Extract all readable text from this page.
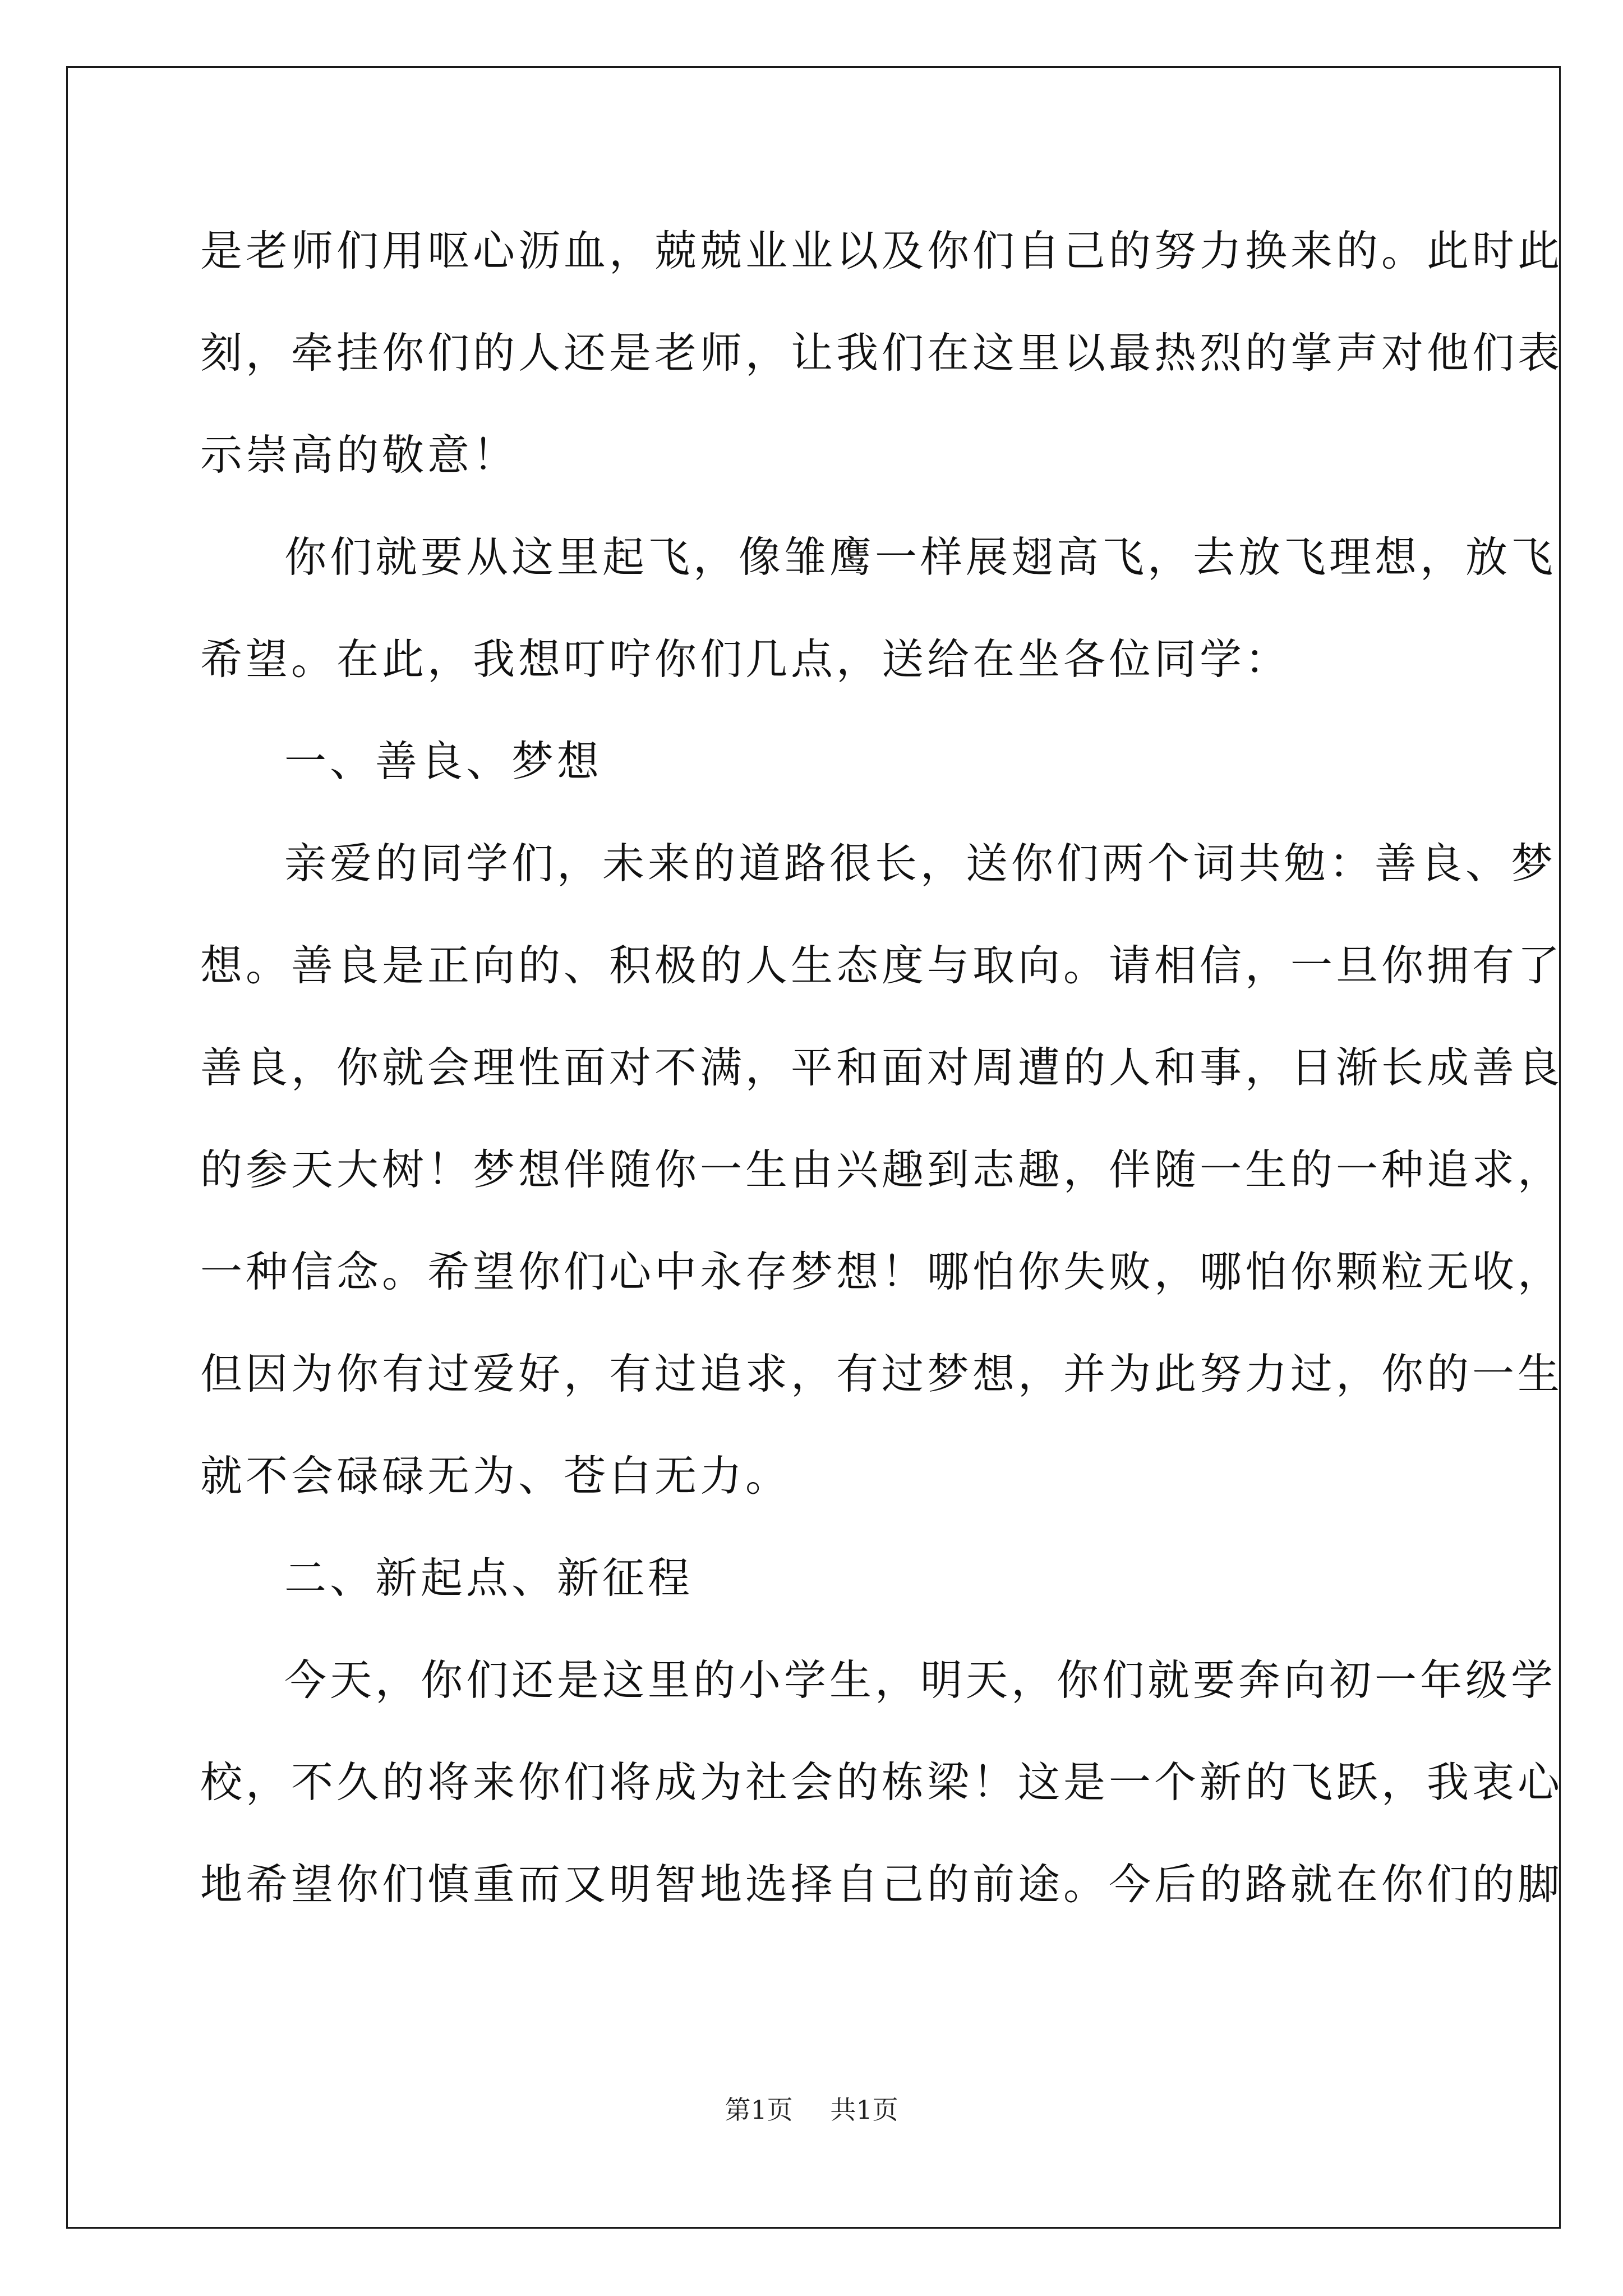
是老师们用呕心沥血，兢兢业业以及你们自己的努力换来的。此时此
刻，牵挂你们的人还是老师，让我们在这里以最热烈的掌声对他们表
示崇高的敬意！
你们就要从这里起飞，像雏鹰一样展翅高飞，去放飞理想，放飞
希望。在此，我想叮咛你们几点，送给在坐各位同学：
一、善良、梦想
亲爱的同学们，未来的道路很长，送你们两个词共勉：善良、梦
想。善良是正向的、积极的人生态度与取向。请相信，一旦你拥有了
善良，你就会理性面对不满，平和面对周遭的人和事，日渐长成善良
的参天大树！梦想伴随你一生由兴趣到志趣，伴随一生的一种追求，
一种信念。希望你们心中永存梦想！哪怕你失败，哪怕你颗粒无收，
但因为你有过爱好，有过追求，有过梦想，并为此努力过，你的一生
就不会碌碌无为、苍白无力。
二、新起点、新征程
今天，你们还是这里的小学生，明天，你们就要奔向初一年级学
校，不久的将来你们将成为社会的栋梁！这是一个新的飞跃，我衷心
地希望你们慎重而又明智地选择自己的前途。今后的路就在你们的脚
第1页 共1页
